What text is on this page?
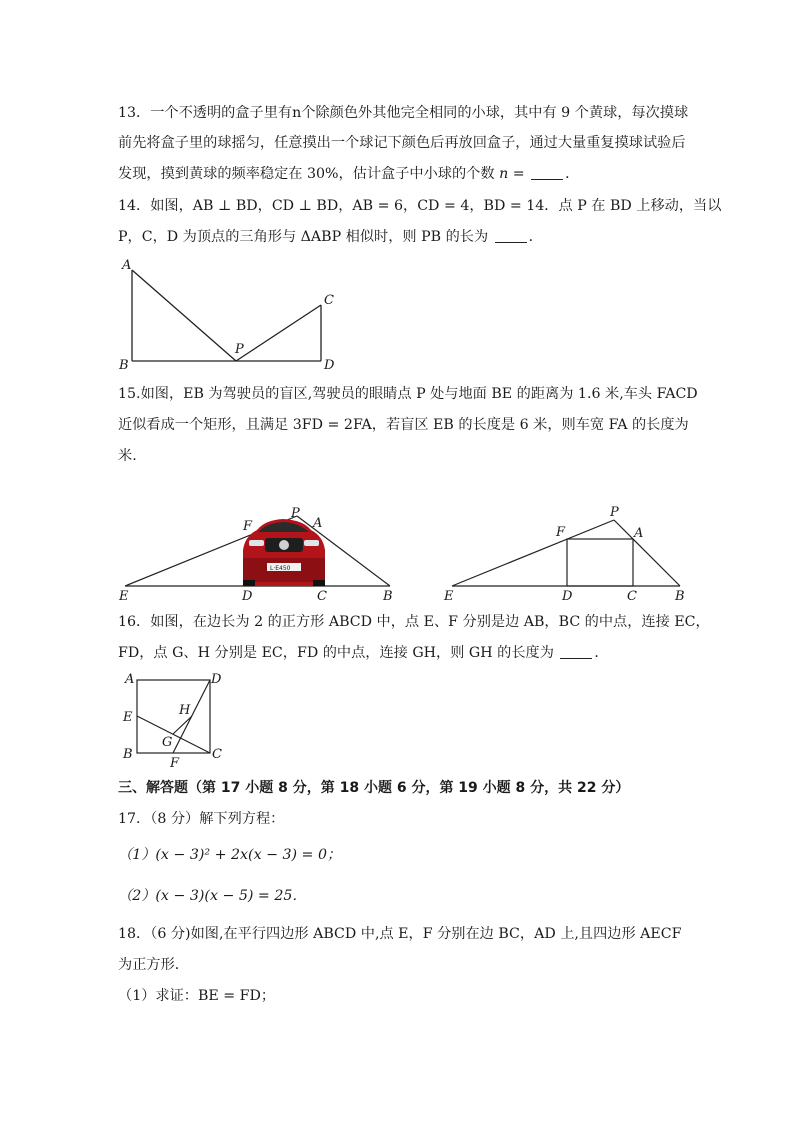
13．一个不透明的盒子里有n个除颜色外其他完全相同的小球，其中有 9 个黄球，每次摸球
前先将盒子里的球摇匀，任意摸出一个球记下颜色后再放回盒子，通过大量重复摸球试验后
发现，摸到黄球的频率稳定在 30%，估计盒子中小球的个数 n =	．
14．如图，AB ⊥ BD，CD ⊥ BD，AB = 6，CD = 4，BD = 14．点 P 在 BD 上移动，当以
P，C，D 为顶点的三角形与 ΔABP 相似时，则 PB 的长为	．
A
B
P
C
D
15.如图，EB 为驾驶员的盲区,驾驶员的眼睛点 P 处与地面 BE 的距离为 1.6 米,车头 FACD
近似看成一个矩形，且满足 3FD = 2FA，若盲区 EB 的长度是 6 米，则车宽 FA 的长度为
米.
L·E450
E
F
P
A
D	C	B	E
F
P
A
D	C	B
16．如图，在边长为 2 的正方形 ABCD 中，点 E、F 分别是边 AB，BC 的中点，连接 EC，
FD，点 G、H 分别是 EC，FD 的中点，连接 GH，则 GH 的长度为	．
A	D
E	H
G
B
F
C
三、解答题（第 17 小题 8 分，第 18 小题 6 分，第 19 小题 8 分，共 22 分）
17．（8 分）解下列方程：
（1）(x − 3)² + 2x(x − 3) = 0；
（2）(x − 3)(x − 5) = 25．
18．（6 分)如图,在平行四边形 ABCD 中,点 E，F 分别在边 BC，AD 上,且四边形 AECF
为正方形．
（1）求证：BE = FD；
